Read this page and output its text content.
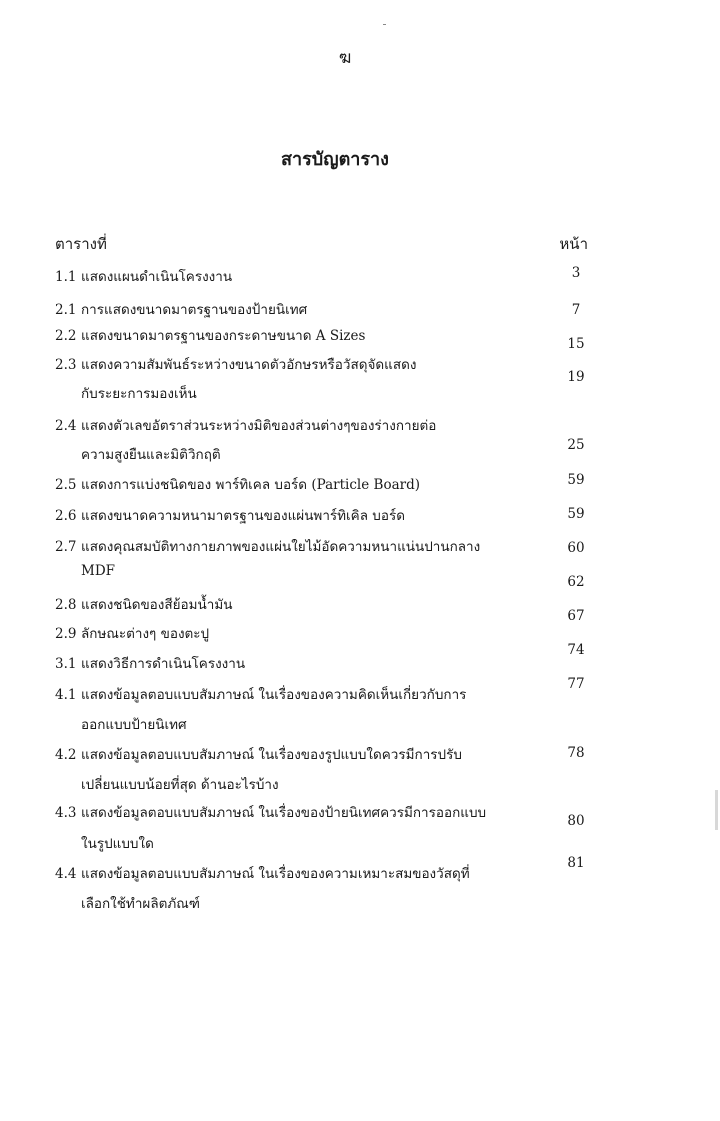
ฆ
สารบัญตาราง
ตารางที่	หน้า
1.1 แสดงแผนดำเนินโครงงาน
2.1 การแสดงขนาดมาตรฐานของป้ายนิเทศ
2.2 แสดงขนาดมาตรฐานของกระดาษขนาด A Sizes
2.3 แสดงความสัมพันธ์ระหว่างขนาดตัวอักษรหรือวัสดุจัดแสดง
กับระยะการมองเห็น
2.4 แสดงตัวเลขอัตราส่วนระหว่างมิติของส่วนต่างๆของร่างกายต่อ
ความสูงยืนและมิติวิกฤติ
2.5 แสดงการแบ่งชนิดของ พาร์ทิเคล บอร์ด (Particle Board)
2.6 แสดงขนาดความหนามาตรฐานของแผ่นพาร์ทิเคิล บอร์ด
2.7 แสดงคุณสมบัติทางกายภาพของแผ่นใยไม้อัดความหนาแน่นปานกลาง
MDF
2.8 แสดงชนิดของสีย้อมน้ำมัน
2.9 ลักษณะต่างๆ ของตะปู
3.1 แสดงวิธีการดำเนินโครงงาน
4.1 แสดงข้อมูลตอบแบบสัมภาษณ์ ในเรื่องของความคิดเห็นเกี่ยวกับการ
ออกแบบป้ายนิเทศ
4.2 แสดงข้อมูลตอบแบบสัมภาษณ์ ในเรื่องของรูปแบบใดควรมีการปรับ
เปลี่ยนแบบน้อยที่สุด ด้านอะไรบ้าง
4.3 แสดงข้อมูลตอบแบบสัมภาษณ์ ในเรื่องของป้ายนิเทศควรมีการออกแบบ
ในรูปแบบใด
4.4 แสดงข้อมูลตอบแบบสัมภาษณ์ ในเรื่องของความเหมาะสมของวัสดุที่
เลือกใช้ทำผลิตภัณฑ์
3
7
15
19
25
59
59
60
62
67
74
77
78
80
81
